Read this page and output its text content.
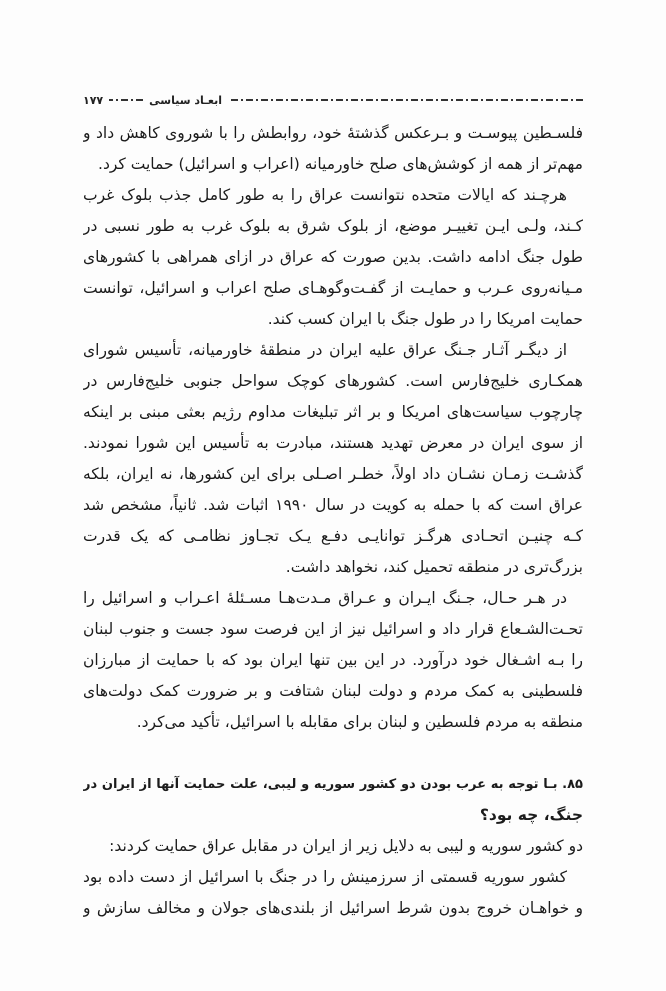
ابعـاد سیاسی
۱۷۷
فلسـطین پیوسـت و بـرعکس گذشتهٔ خود، روابطش را با شوروی کاهش داد و
مهم‌تر از همه از کوشش‌های صلح خاورمیانه (اعراب و اسرائیل) حمایت کرد.
هرچـند که ایالات متحده نتوانست عراق را به طور کامل جذب بلوک غرب
کـند، ولـی ایـن تغییـر موضع، از بلوک شرق به بلوک غرب به طور نسبی در
طول جنگ ادامه داشت. بدین صورت که عراق در ازای همراهی با کشورهای
مـیانه‌روی عـرب و حمایـت از گفـت‌وگوهـای صلح اعراب و اسرائیل، توانست
حمایت امریکا را در طول جنگ با ایران کسب کند.
از دیگـر آثـار جـنگ عراق علیه ایران در منطقهٔ خاورمیانه، تأسیس شورای
همکـاری خلیج‌فارس است. کشورهای کوچک سواحل جنوبی خلیج‌فارس در
چارچوب سیاست‌های امریکا و بر اثر تبلیغات مداوم رژیم بعثی مبنی بر اینکه
از سوی ایران در معرض تهدید هستند، مبادرت به تأسیس این شورا نمودند.
گذشـت زمـان نشـان داد اولاً، خطـر اصـلی برای این کشورها، نه ایران، بلکه
عراق است که با حمله به کویت در سال ۱۹۹۰ اثبات شد. ثانیاً، مشخص شد
کـه چنیـن اتحـادی هرگـز توانایـی دفـع یـک تجـاوز نظامـی که یک قدرت
بزرگ‌تری در منطقه تحمیل کند، نخواهد داشت.
در هـر حـال، جـنگ ایـران و عـراق مـدت‌هـا مسـئلهٔ اعـراب و اسرائیل را
تحـت‌الشـعاع قرار داد و اسرائیل نیز از این فرصت سود جست و جنوب لبنان
را بـه اشـغال خود درآورد. در این بین تنها ایران بود که با حمایت از مبارزان
فلسطینی به کمک مردم و دولت لبنان شتافت و بر ضرورت کمک دولت‌های
منطقه به مردم فلسطین و لبنان برای مقابله با اسرائیل، تأکید می‌کرد.
۸۵. بـا توجه به عرب بودن دو کشور سوریه و لیبی، علت حمایت آنها از ایران در
جنگ، چه بود؟
دو کشور سوریه و لیبی به دلایل زیر از ایران در مقابل عراق حمایت کردند:
کشور سوریه قسمتی از سرزمینش را در جنگ با اسرائیل از دست داده بود
و خواهـان خروج بدون شرط اسرائیل از بلندی‌های جولان و مخالف سازش و
